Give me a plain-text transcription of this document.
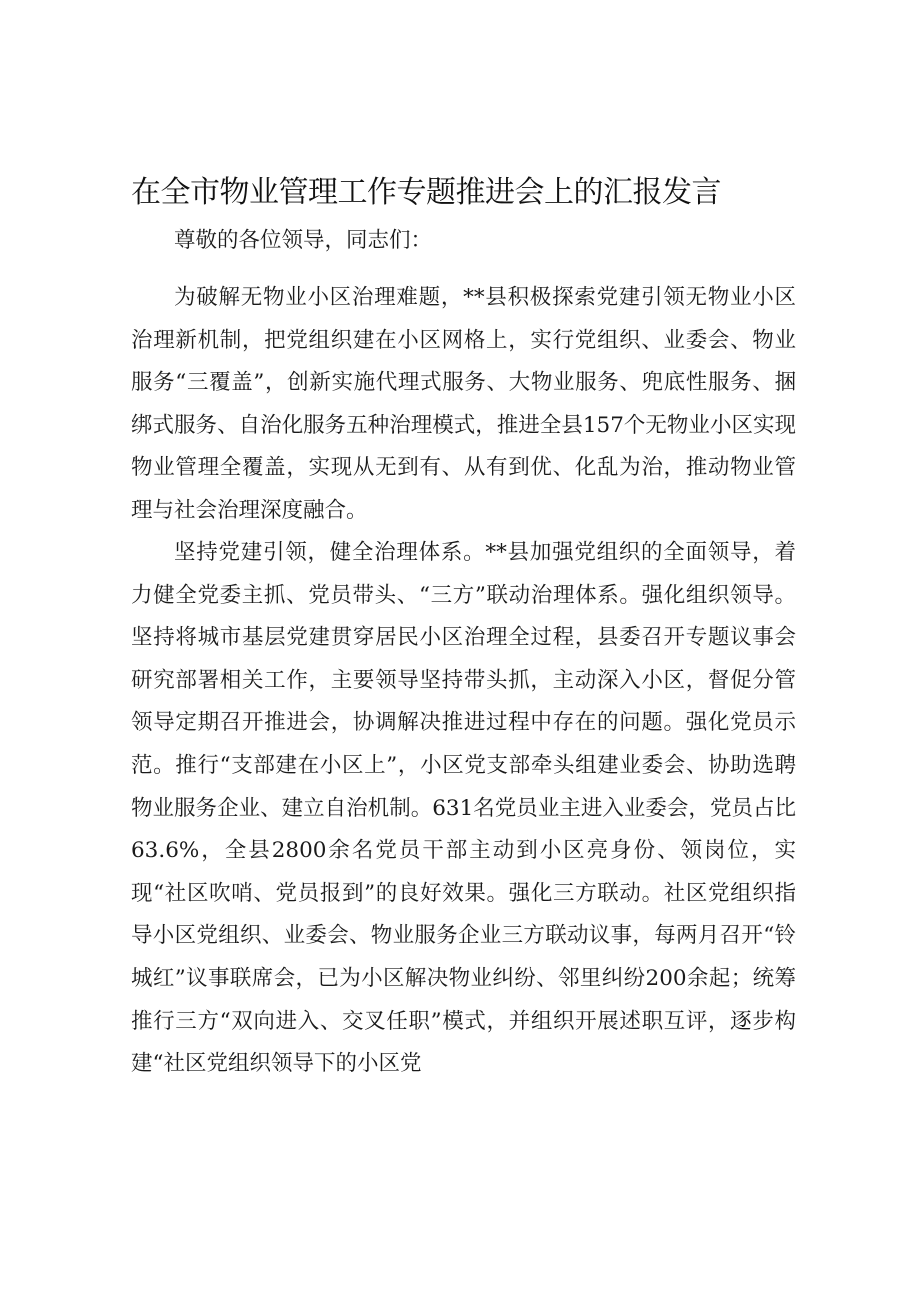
在全市物业管理工作专题推进会上的汇报发言

尊敬的各位领导，同志们：

为破解无物业小区治理难题，**县积极探索党建引领无物业小区治理新机制，把党组织建在小区网格上，实行党组织、业委会、物业服务“三覆盖”，创新实施代理式服务、大物业服务、兜底性服务、捆绑式服务、自治化服务五种治理模式，推进全县157个无物业小区实现物业管理全覆盖，实现从无到有、从有到优、化乱为治，推动物业管理与社会治理深度融合。

坚持党建引领，健全治理体系。**县加强党组织的全面领导，着力健全党委主抓、党员带头、“三方”联动治理体系。强化组织领导。坚持将城市基层党建贯穿居民小区治理全过程，县委召开专题议事会研究部署相关工作，主要领导坚持带头抓，主动深入小区，督促分管领导定期召开推进会，协调解决推进过程中存在的问题。强化党员示范。推行“支部建在小区上”，小区党支部牵头组建业委会、协助选聘物业服务企业、建立自治机制。631名党员业主进入业委会，党员占比63.6%，全县2800余名党员干部主动到小区亮身份、领岗位，实现“社区吹哨、党员报到”的良好效果。强化三方联动。社区党组织指导小区党组织、业委会、物业服务企业三方联动议事，每两月召开“铃城红”议事联席会，已为小区解决物业纠纷、邻里纠纷200余起；统筹推行三方“双向进入、交叉任职”模式，并组织开展述职互评，逐步构建“社区党组织领导下的小区党
